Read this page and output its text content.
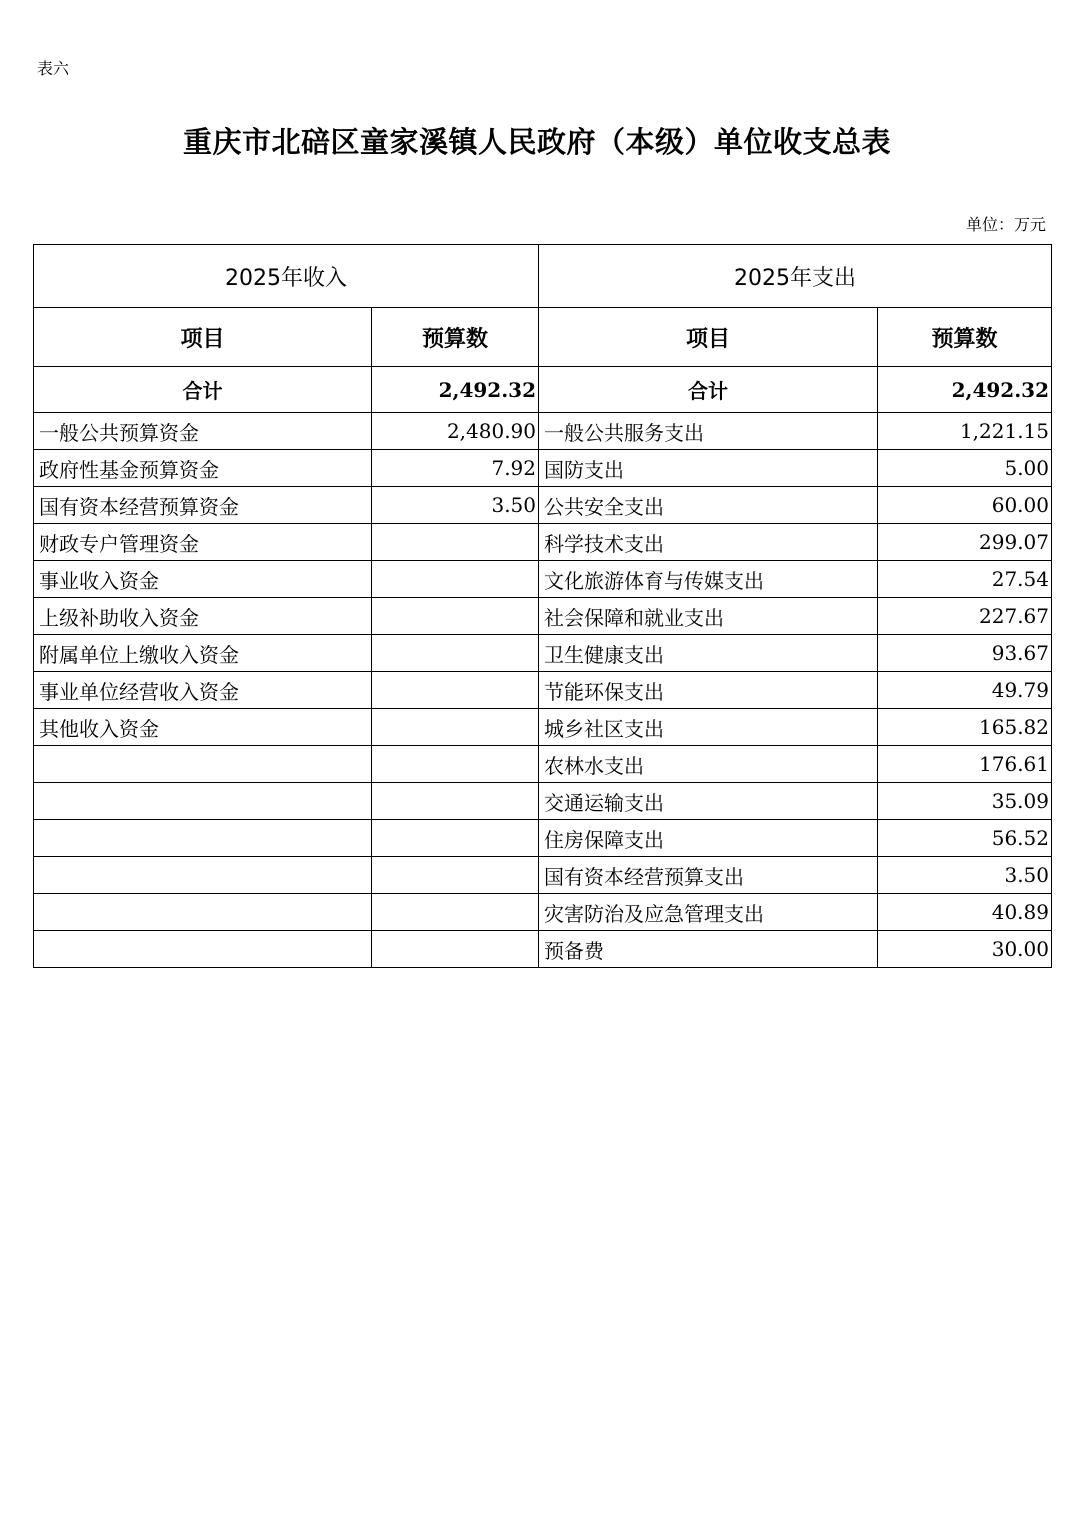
表六
重庆市北碚区童家溪镇人民政府（本级）单位收支总表
单位：万元
2025年收入		2025年支出	
项目	预算数	项目	预算数
合计	2,492.32	合计	2,492.32
一般公共预算资金	2,480.90	一般公共服务支出	1,221.15
政府性基金预算资金	7.92	国防支出	5.00
国有资本经营预算资金	3.50	公共安全支出	60.00
财政专户管理资金		科学技术支出	299.07
事业收入资金		文化旅游体育与传媒支出	27.54
上级补助收入资金		社会保障和就业支出	227.67
附属单位上缴收入资金		卫生健康支出	93.67
事业单位经营收入资金		节能环保支出	49.79
其他收入资金		城乡社区支出	165.82
		农林水支出	176.61
		交通运输支出	35.09
		住房保障支出	56.52
		国有资本经营预算支出	3.50
		灾害防治及应急管理支出	40.89
		预备费	30.00
